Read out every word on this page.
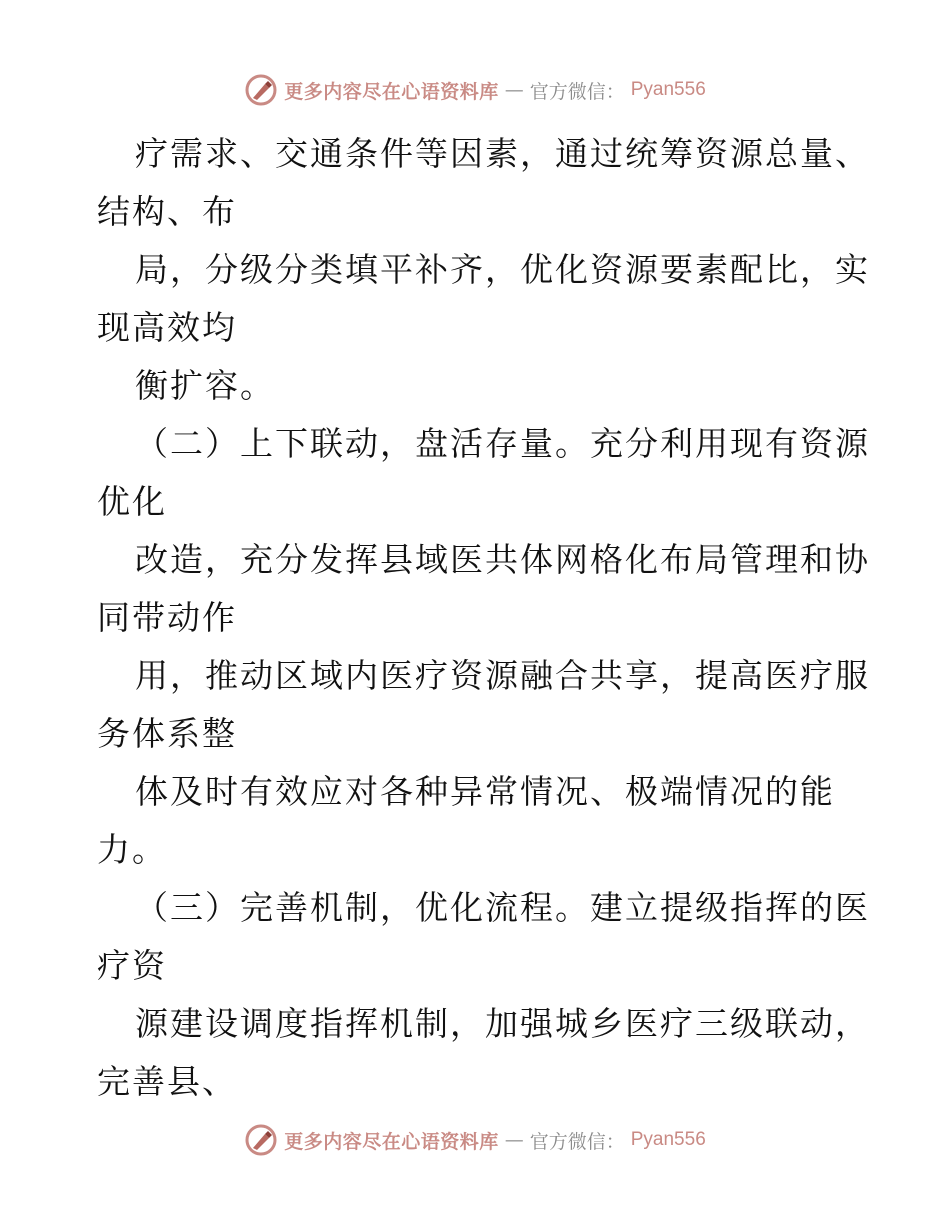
更多内容尽在心语资料库 — 官方微信： Pyan556

疗需求、交通条件等因素，通过统筹资源总量、

结构、布

局，分级分类填平补齐，优化资源要素配比，实

现高效均

衡扩容。

（二）上下联动，盘活存量。充分利用现有资源

优化

改造，充分发挥县域医共体网格化布局管理和协

同带动作

用，推动区域内医疗资源融合共享，提高医疗服

务体系整

体及时有效应对各种异常情况、极端情况的能

力。

（三）完善机制，优化流程。建立提级指挥的医

疗资

源建设调度指挥机制，加强城乡医疗三级联动，

完善县、

更多内容尽在心语资料库 — 官方微信： Pyan556
